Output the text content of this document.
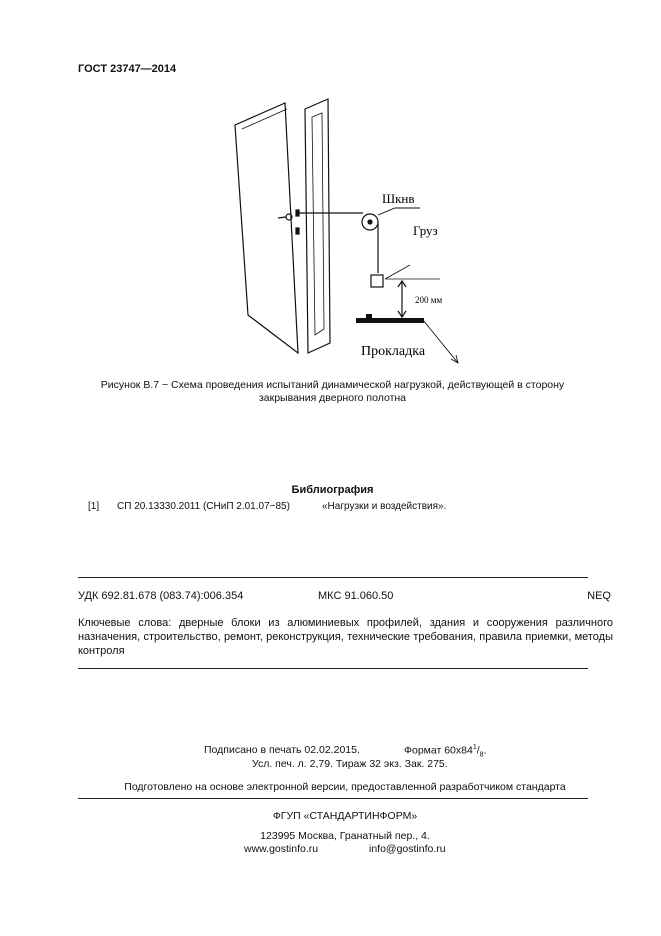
ГОСТ 23747—2014
Шкнв
Груз
200 мм
Прокладка
Рисунок В.7 − Схема проведения испытаний динамической нагрузкой, действующей в сторону закрывания дверного полотна
Библиография
[1] СП 20.13330.2011 (СНиП 2.01.07−85)	«Нагрузки и воздействия».
УДК 692.81.678 (083.74):006.354	МКС 91.060.50	NEQ
Ключевые слова: дверные блоки из алюминиевых профилей, здания и сооружения различного назначения, строительство, ремонт, реконструкция, технические требования, правила приемки, методы контроля
Подписано в печать 02.02.2015.	Формат $60x84^1/_8$.
Усл. печ. л. 2,79. Тираж 32 экз. Зак. 275.
Подготовлено на основе электронной версии, предоставленной разработчиком стандарта
ФГУП «СТАНДАРТИНФОРМ»
123995 Москва, Гранатный пер., 4.
www.gostinfo.ru	info@gostinfo.ru
